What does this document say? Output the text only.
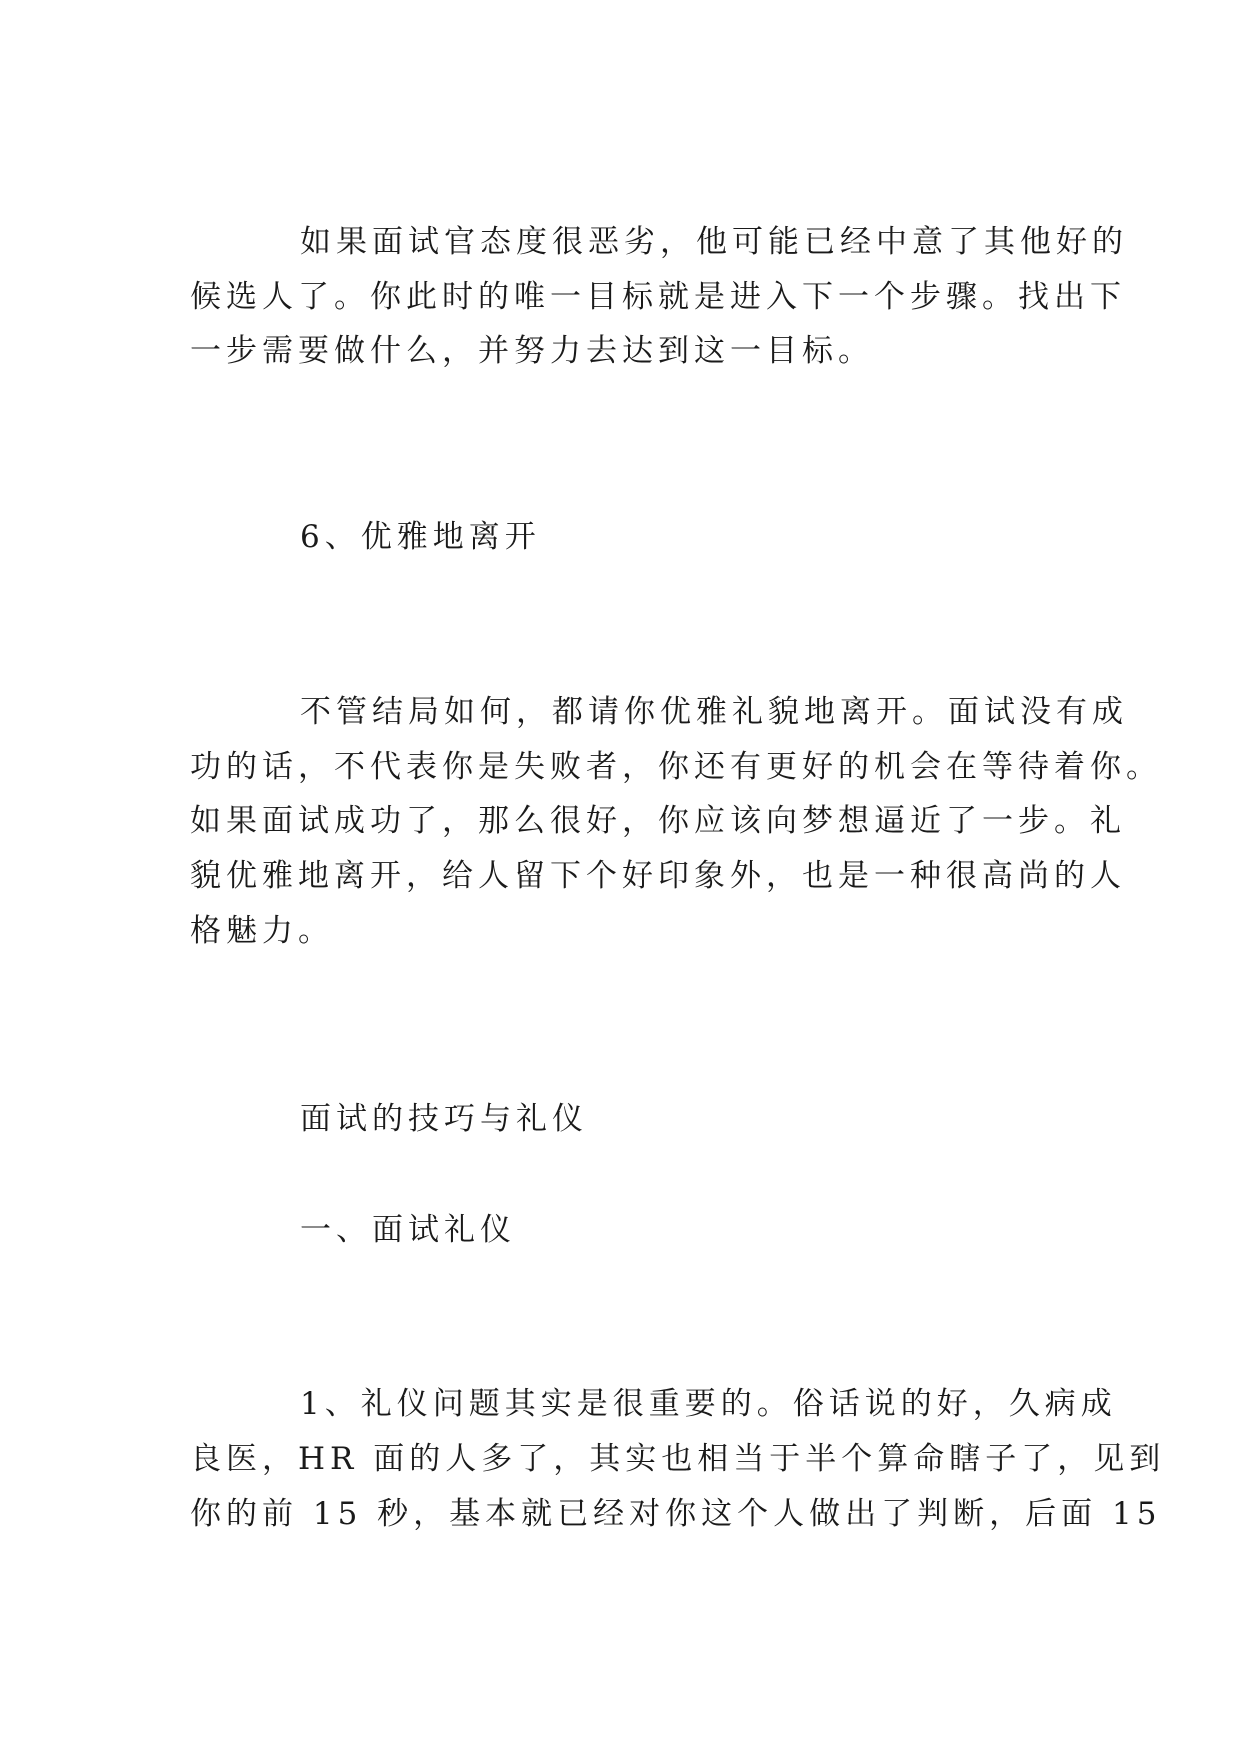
如果面试官态度很恶劣，他可能已经中意了其他好的
候选人了。你此时的唯一目标就是进入下一个步骤。找出下
一步需要做什么，并努力去达到这一目标。
6、优雅地离开
不管结局如何，都请你优雅礼貌地离开。面试没有成
功的话，不代表你是失败者，你还有更好的机会在等待着你。
如果面试成功了，那么很好，你应该向梦想逼近了一步。礼
貌优雅地离开，给人留下个好印象外，也是一种很高尚的人
格魅力。
面试的技巧与礼仪
一、面试礼仪
1、礼仪问题其实是很重要的。俗话说的好，久病成
良医，HR 面的人多了，其实也相当于半个算命瞎子了，见到
你的前 15 秒，基本就已经对你这个人做出了判断，后面 15
